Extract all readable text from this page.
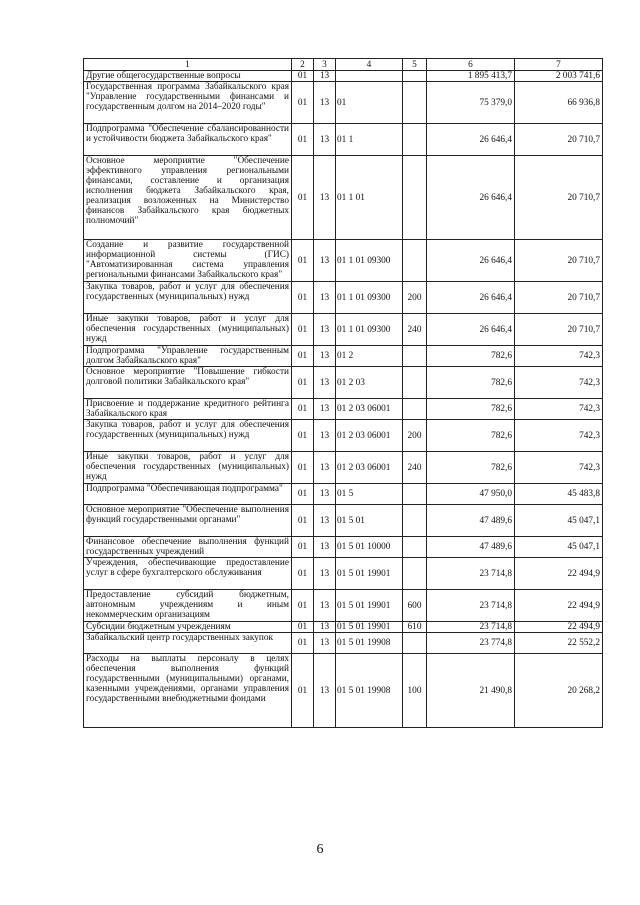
1	2	3	4	5	6	7
Другие общегосударственные вопросы	01	13			1 895 413,7	2 003 741,6
Государственная программа Забайкальского края "Управление государственными финансами и государственным долгом на 2014–2020 годы"	01	13	01		75 379,0	66 936,8
Подпрограмма "Обеспечение сбалансированности и устойчивости бюджета Забайкальского края"	01	13	01 1		26 646,4	20 710,7
Основное мероприятие "Обеспечение эффективного управления региональными финансами, составление и организация исполнения бюджета Забайкальского края, реализация возложенных на Министерство финансов Забайкальского края бюджетных полномочий"	01	13	01 1 01		26 646,4	20 710,7
Создание и развитие государственной информационной системы (ГИС) "Автоматизированная система управления региональными финансами Забайкальского края"	01	13	01 1 01 09300		26 646,4	20 710,7
Закупка товаров, работ и услуг для обеспечения государственных (муниципальных) нужд	01	13	01 1 01 09300	200	26 646,4	20 710,7
Иные закупки товаров, работ и услуг для обеспечения государственных (муниципальных) нужд	01	13	01 1 01 09300	240	26 646,4	20 710,7
Подпрограмма "Управление государственным долгом Забайкальского края"	01	13	01 2		782,6	742,3
Основное мероприятие "Повышение гибкости долговой политики Забайкальского края"	01	13	01 2 03		782,6	742,3
Присвоение и поддержание кредитного рейтинга Забайкальского края	01	13	01 2 03 06001		782,6	742,3
Закупка товаров, работ и услуг для обеспечения государственных (муниципальных) нужд	01	13	01 2 03 06001	200	782,6	742,3
Иные закупки товаров, работ и услуг для обеспечения государственных (муниципальных) нужд	01	13	01 2 03 06001	240	782,6	742,3
Подпрограмма "Обеспечивающая подпрограмма"	01	13	01 5		47 950,0	45 483,8
Основное мероприятие "Обеспечение выполнения функций государственными органами"	01	13	01 5 01		47 489,6	45 047,1
Финансовое обеспечение выполнения функций государственных учреждений	01	13	01 5 01 10000		47 489,6	45 047,1
Учреждения, обеспечивающие предоставление услуг в сфере бухгалтерского обслуживания	01	13	01 5 01 19901		23 714,8	22 494,9
Предоставление субсидий бюджетным, автономным учреждениям и иным некоммерческим организациям	01	13	01 5 01 19901	600	23 714,8	22 494,9
Субсидии бюджетным учреждениям	01	13	01 5 01 19901	610	23 714,8	22 494,9
Забайкальский центр государственных закупок	01	13	01 5 01 19908		23 774,8	22 552,2
Расходы на выплаты персоналу в целях обеспечения выполнения функций государственными (муниципальными) органами, казенными учреждениями, органами управления государственными внебюджетными фондами	01	13	01 5 01 19908	100	21 490,8	20 268,2
6
